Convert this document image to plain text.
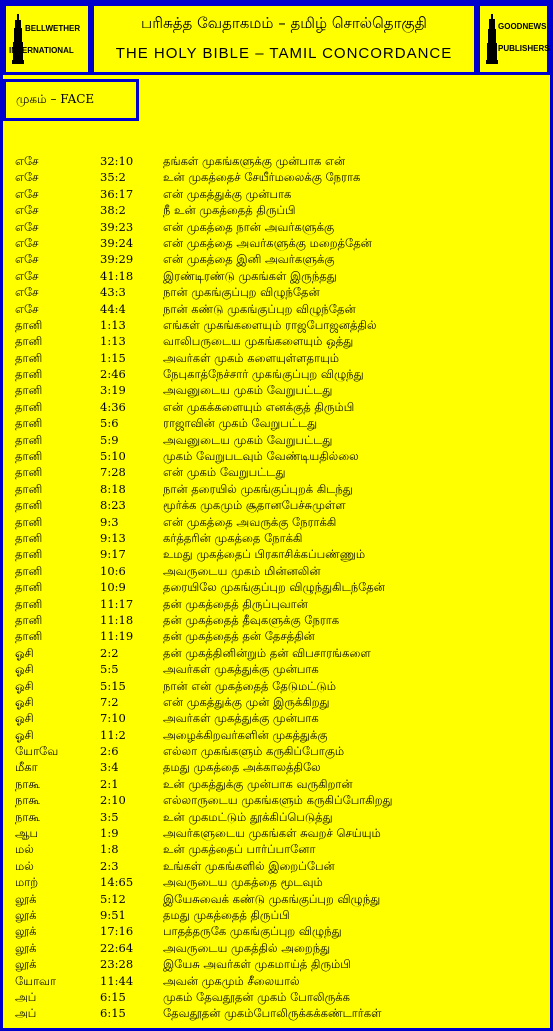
BELLWETHER
INTERNATIONAL
பரிசுத்த வேதாகமம் – தமிழ் சொல்தொகுதி
THE HOLY BIBLE – TAMIL CONCORDANCE
GOODNEWS
PUBLISHERS
முகம் – FACE
எசே	32:10	தங்கள் முகங்களுக்கு முன்பாக என்
எசே	35:2	உன் முகத்தைச் சேயீர்மலைக்கு நேராக
எசே	36:17	என் முகத்துக்கு முன்பாக
எசே	38:2	நீ உன் முகத்தைத் திருப்பி
எசே	39:23	என் முகத்தை நான் அவர்களுக்கு
எசே	39:24	என் முகத்தை அவர்களுக்கு மறைத்தேன்
எசே	39:29	என் முகத்தை இனி அவர்களுக்கு
எசே	41:18	இரண்டிரண்டு முகங்கள் இருந்தது
எசே	43:3	நான் முகங்குப்புற விழுந்தேன்
எசே	44:4	நான் கண்டு முகங்குப்புற விழுந்தேன்
தானி	1:13	எங்கள் முகங்களையும் ராஜபோஜனத்தில்
தானி	1:13	வாலிபருடைய முகங்களையும் ஒத்து
தானி	1:15	அவர்கள் முகம் களையுள்ளதாயும்
தானி	2:46	நேபுகாத்நேச்சார் முகங்குப்புற விழுந்து
தானி	3:19	அவனுடைய முகம் வேறுபட்டது
தானி	4:36	என் முகக்களையும் எனக்குத் திரும்பி
தானி	5:6	ராஜாவின் முகம் வேறுபட்டது
தானி	5:9	அவனுடைய முகம் வேறுபட்டது
தானி	5:10	முகம் வேறுபடவும் வேண்டியதில்லை
தானி	7:28	என் முகம் வேறுபட்டது
தானி	8:18	நான் தரையில் முகங்குப்புறக் கிடந்து
தானி	8:23	மூர்க்க முகமும் சூதானபேச்சுமுள்ள
தானி	9:3	என் முகத்தை அவருக்கு நேராக்கி
தானி	9:13	கர்த்தரின் முகத்தை நோக்கி
தானி	9:17	உமது முகத்தைப் பிரகாசிக்கப்பண்ணும்
தானி	10:6	அவருடைய முகம் மின்னலின்
தானி	10:9	தரையிலே முகங்குப்புற விழுந்துகிடந்தேன்
தானி	11:17	தன் முகத்தைத் திருப்புவான்
தானி	11:18	தன் முகத்தைத் தீவுகளுக்கு நேராக
தானி	11:19	தன் முகத்தைத் தன் தேசத்தின்
ஓசி	2:2	தன் முகத்தினின்றும் தன் விபசாரங்களை
ஓசி	5:5	அவர்கள் முகத்துக்கு முன்பாக
ஓசி	5:15	நான் என் முகத்தைத் தேடுமட்டும்
ஓசி	7:2	என் முகத்துக்கு முன் இருக்கிறது
ஓசி	7:10	அவர்கள் முகத்துக்கு முன்பாக
ஓசி	11:2	அழைக்கிறவர்களின் முகத்துக்கு
யோவே	2:6	எல்லா முகங்களும் கருகிப்போகும்
மீகா	3:4	தமது முகத்தை அக்காலத்திலே
நாகூ	2:1	உன் முகத்துக்கு முன்பாக வருகிறான்
நாகூ	2:10	எல்லாருடைய முகங்களும் கருகிப்போகிறது
நாகூ	3:5	உன் முகமட்டும் தூக்கிப்பெடுத்து
ஆப	1:9	அவர்களுடைய முகங்கள் சுவறச் செய்யும்
மல்	1:8	உன் முகத்தைப் பார்ப்பானோ
மல்	2:3	உங்கள் முகங்களில் இறைப்பேன்
மாற்	14:65	அவருடைய முகத்தை மூடவும்
லூக்	5:12	இயேசுவைக் கண்டு முகங்குப்புற விழுந்து
லூக்	9:51	தமது முகத்தைத் திருப்பி
லூக்	17:16	பாதத்தருகே முகங்குப்புற விழுந்து
லூக்	22:64	அவருடைய முகத்தில் அறைந்து
லூக்	23:28	இயேசு அவர்கள் முகமாய்த் திரும்பி
யோவா	11:44	அவன் முகமும் சீலையால்
அப்	6:15	முகம் தேவதூதன் முகம் போலிருக்க
அப்	6:15	தேவதூதன் முகம்போலிருக்கக்கண்டார்கள்
